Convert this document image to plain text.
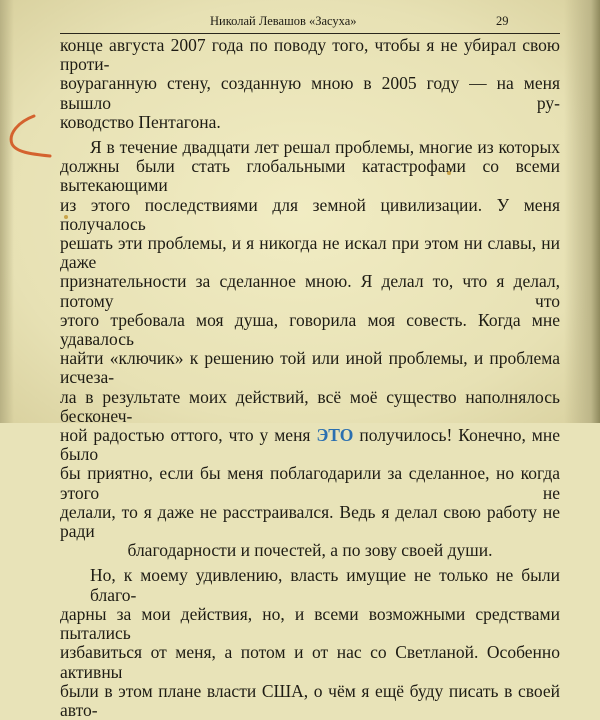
Николай Левашов «Засуха»	29

конце августа 2007 года по поводу того, чтобы я не убирал свою проти-

воураганную стену, созданную мною в 2005 году — на меня вышло ру-

ководство Пентагона.

Я в течение двадцати лет решал проблемы, многие из которых

должны были стать глобальными катастрофами со всеми вытекающими

из этого последствиями для земной цивилизации. У меня получалось

решать эти проблемы, и я никогда не искал при этом ни славы, ни даже

признательности за сделанное мною. Я делал то, что я делал, потому что

этого требовала моя душа, говорила моя совесть. Когда мне удавалось

найти «ключик» к решению той или иной проблемы, и проблема исчеза-

ла в результате моих действий, всё моё существо наполнялось бесконеч-

ной радостью оттого, что у меня ЭТО получилось! Конечно, мне было

бы приятно, если бы меня поблагодарили за сделанное, но когда этого не

делали, то я даже не расстраивался. Ведь я делал свою работу не ради

благодарности и почестей, а по зову своей души.

Но, к моему удивлению, власть имущие не только не были благо-

дарны за мои действия, но, и всеми возможными средствами пытались

избавиться от меня, а потом и от нас со Светланой. Особенно активны

были в этом плане власти США, о чём я ещё буду писать в своей авто-
